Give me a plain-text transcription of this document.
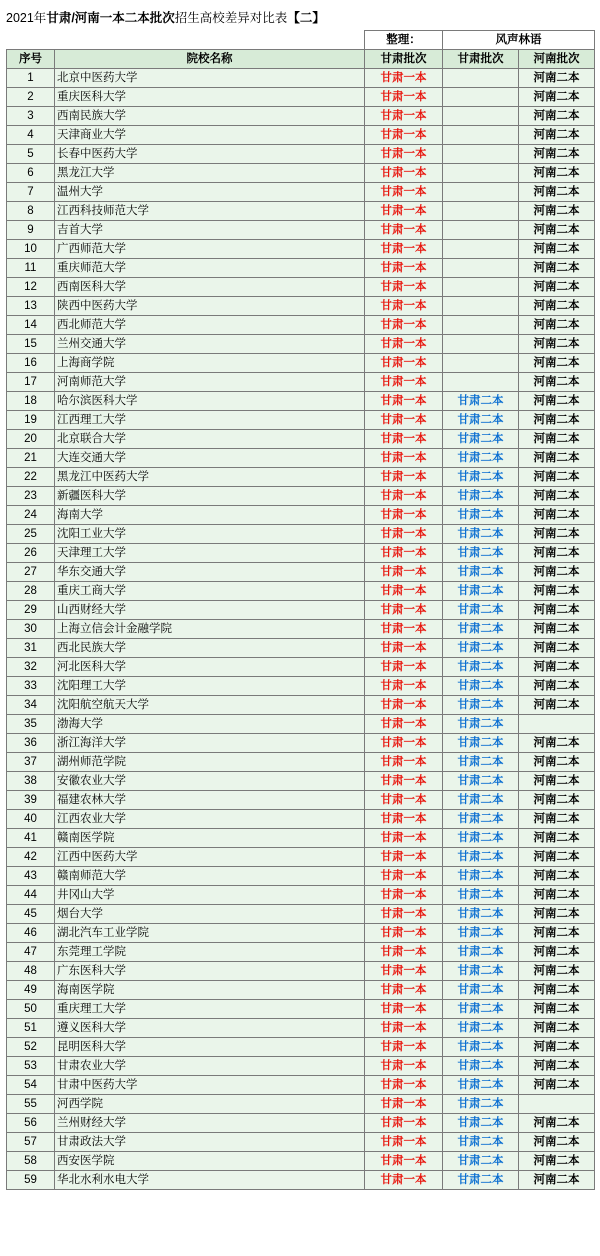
2021年甘肃/河南一本二本批次招生高校差异对比表【二】
		整理：	风声林语	
序号	院校名称	甘肃批次	甘肃批次	河南批次
1	北京中医药大学	甘肃一本		河南二本
2	重庆医科大学	甘肃一本		河南二本
3	西南民族大学	甘肃一本		河南二本
4	天津商业大学	甘肃一本		河南二本
5	长春中医药大学	甘肃一本		河南二本
6	黑龙江大学	甘肃一本		河南二本
7	温州大学	甘肃一本		河南二本
8	江西科技师范大学	甘肃一本		河南二本
9	吉首大学	甘肃一本		河南二本
10	广西师范大学	甘肃一本		河南二本
11	重庆师范大学	甘肃一本		河南二本
12	西南医科大学	甘肃一本		河南二本
13	陕西中医药大学	甘肃一本		河南二本
14	西北师范大学	甘肃一本		河南二本
15	兰州交通大学	甘肃一本		河南二本
16	上海商学院	甘肃一本		河南二本
17	河南师范大学	甘肃一本		河南二本
18	哈尔滨医科大学	甘肃一本	甘肃二本	河南二本
19	江西理工大学	甘肃一本	甘肃二本	河南二本
20	北京联合大学	甘肃一本	甘肃二本	河南二本
21	大连交通大学	甘肃一本	甘肃二本	河南二本
22	黑龙江中医药大学	甘肃一本	甘肃二本	河南二本
23	新疆医科大学	甘肃一本	甘肃二本	河南二本
24	海南大学	甘肃一本	甘肃二本	河南二本
25	沈阳工业大学	甘肃一本	甘肃二本	河南二本
26	天津理工大学	甘肃一本	甘肃二本	河南二本
27	华东交通大学	甘肃一本	甘肃二本	河南二本
28	重庆工商大学	甘肃一本	甘肃二本	河南二本
29	山西财经大学	甘肃一本	甘肃二本	河南二本
30	上海立信会计金融学院	甘肃一本	甘肃二本	河南二本
31	西北民族大学	甘肃一本	甘肃二本	河南二本
32	河北医科大学	甘肃一本	甘肃二本	河南二本
33	沈阳理工大学	甘肃一本	甘肃二本	河南二本
34	沈阳航空航天大学	甘肃一本	甘肃二本	河南二本
35	渤海大学	甘肃一本	甘肃二本	
36	浙江海洋大学	甘肃一本	甘肃二本	河南二本
37	湖州师范学院	甘肃一本	甘肃二本	河南二本
38	安徽农业大学	甘肃一本	甘肃二本	河南二本
39	福建农林大学	甘肃一本	甘肃二本	河南二本
40	江西农业大学	甘肃一本	甘肃二本	河南二本
41	赣南医学院	甘肃一本	甘肃二本	河南二本
42	江西中医药大学	甘肃一本	甘肃二本	河南二本
43	赣南师范大学	甘肃一本	甘肃二本	河南二本
44	井冈山大学	甘肃一本	甘肃二本	河南二本
45	烟台大学	甘肃一本	甘肃二本	河南二本
46	湖北汽车工业学院	甘肃一本	甘肃二本	河南二本
47	东莞理工学院	甘肃一本	甘肃二本	河南二本
48	广东医科大学	甘肃一本	甘肃二本	河南二本
49	海南医学院	甘肃一本	甘肃二本	河南二本
50	重庆理工大学	甘肃一本	甘肃二本	河南二本
51	遵义医科大学	甘肃一本	甘肃二本	河南二本
52	昆明医科大学	甘肃一本	甘肃二本	河南二本
53	甘肃农业大学	甘肃一本	甘肃二本	河南二本
54	甘肃中医药大学	甘肃一本	甘肃二本	河南二本
55	河西学院	甘肃一本	甘肃二本	
56	兰州财经大学	甘肃一本	甘肃二本	河南二本
57	甘肃政法大学	甘肃一本	甘肃二本	河南二本
58	西安医学院	甘肃一本	甘肃二本	河南二本
59	华北水利水电大学	甘肃一本	甘肃二本	河南二本
